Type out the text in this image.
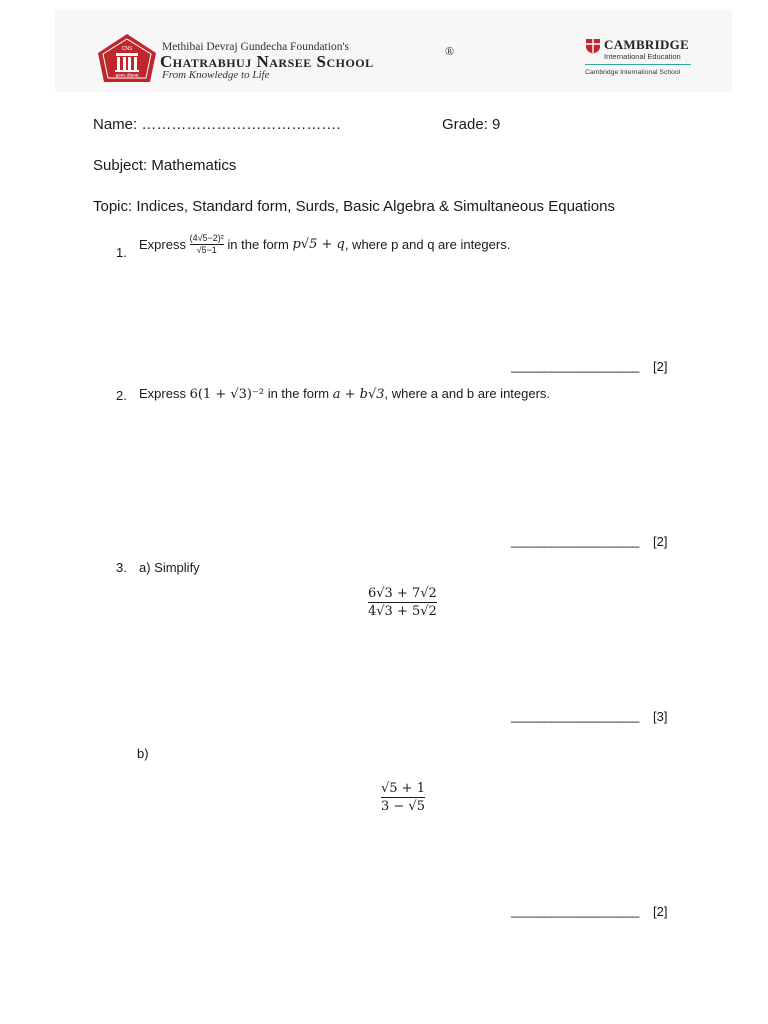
CNS
ज्ञानम् जीवनम्
Methibai Devraj Gundecha Foundation's
Chatrabhuj Narsee School
®
From Knowledge to Life
CAMBRIDGE
International Education
Cambridge International School
Name: ………………………………….	Grade: 9
Subject: Mathematics
Topic: Indices, Standard form, Surds, Basic Algebra & Simultaneous Equations
1.
Express $\frac{\text{(4√5−2)²}}{√5-1}$ in the form p√5 + q, where p and q are integers.
___________________ [2]
2. Express 6(1 + √3)⁻² in the form a + b√3, where a and b are integers.
___________________ [2]
3. a) Simplify
$\frac{6√3 + 7√2}{4√3 + 5√2}$
___________________ [3]
b)
$\frac{√5 + 1}{3 - √5}$
___________________ [2]
